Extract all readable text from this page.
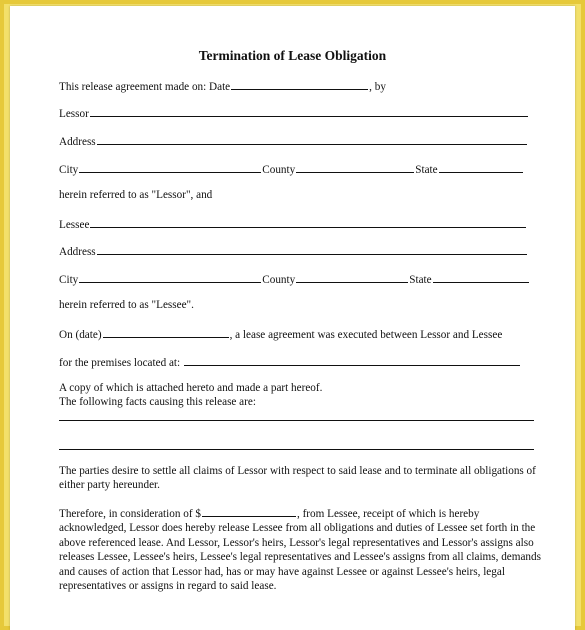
Termination of Lease Obligation
This release agreement made on: Date	, by
Lessor
Address
City	County	State
herein referred to as "Lessor", and
Lessee
Address
City	County	State
herein referred to as "Lessee".
On (date)	, a lease agreement was executed between Lessor and Lessee
for the premises located at:
A copy of which is attached hereto and made a part hereof.
The following facts causing this release are:
The parties desire to settle all claims of Lessor with respect to said lease and to terminate all obligations of either party hereunder.
Therefore, in consideration of $	, from Lessee, receipt of which is hereby acknowledged, Lessor does hereby release Lessee from all obligations and duties of Lessee set forth in the above referenced lease. And Lessor, Lessor's heirs, Lessor's legal representatives and Lessor's assigns also releases Lessee, Lessee's heirs, Lessee's legal representatives and Lessee's assigns from all claims, demands and causes of action that Lessor had, has or may have against Lessee or against Lessee's heirs, legal representatives or assigns in regard to said lease.
